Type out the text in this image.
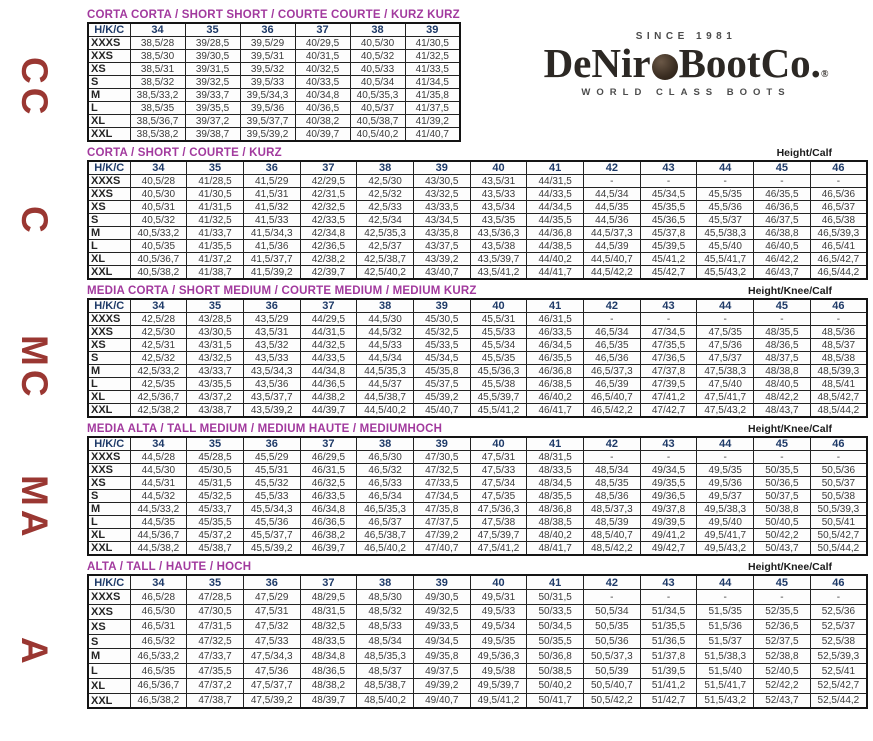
CC
C
MC
MA
A
SINCE 1981
DeNir BootCo.®
WORLD CLASS BOOTS
CORTA CORTA / SHORT SHORT / COURTE COURTE / KURZ KURZ
H/K/C	34	35	36	37	38	39
XXXS	38,5/28	39/28,5	39,5/29	40/29,5	40,5/30	41/30,5
XXS	38,5/30	39/30,5	39,5/31	40/31,5	40,5/32	41/32,5
XS	38,5/31	39/31,5	39,5/32	40/32,5	40,5/33	41/33,5
S	38,5/32	39/32,5	39,5/33	40/33,5	40,5/34	41/34,5
M	38,5/33,2	39/33,7	39,5/34,3	40/34,8	40,5/35,3	41/35,8
L	38,5/35	39/35,5	39,5/36	40/36,5	40,5/37	41/37,5
XL	38,5/36,7	39/37,2	39,5/37,7	40/38,2	40,5/38,7	41/39,2
XXL	38,5/38,2	39/38,7	39,5/39,2	40/39,7	40,5/40,2	41/40,7
CORTA / SHORT / COURTE / KURZ	Height/Calf
H/K/C	34	35	36	37	38	39	40	41	42	43	44	45	46
XXXS	40,5/28	41/28,5	41,5/29	42/29,5	42,5/30	43/30,5	43,5/31	44/31,5	-	-	-	-	-
XXS	40,5/30	41/30,5	41,5/31	42/31,5	42,5/32	43/32,5	43,5/33	44/33,5	44,5/34	45/34,5	45,5/35	46/35,5	46,5/36
XS	40,5/31	41/31,5	41,5/32	42/32,5	42,5/33	43/33,5	43,5/34	44/34,5	44,5/35	45/35,5	45,5/36	46/36,5	46,5/37
S	40,5/32	41/32,5	41,5/33	42/33,5	42,5/34	43/34,5	43,5/35	44/35,5	44,5/36	45/36,5	45,5/37	46/37,5	46,5/38
M	40,5/33,2	41/33,7	41,5/34,3	42/34,8	42,5/35,3	43/35,8	43,5/36,3	44/36,8	44,5/37,3	45/37,8	45,5/38,3	46/38,8	46,5/39,3
L	40,5/35	41/35,5	41,5/36	42/36,5	42,5/37	43/37,5	43,5/38	44/38,5	44,5/39	45/39,5	45,5/40	46/40,5	46,5/41
XL	40,5/36,7	41/37,2	41,5/37,7	42/38,2	42,5/38,7	43/39,2	43,5/39,7	44/40,2	44,5/40,7	45/41,2	45,5/41,7	46/42,2	46,5/42,7
XXL	40,5/38,2	41/38,7	41,5/39,2	42/39,7	42,5/40,2	43/40,7	43,5/41,2	44/41,7	44,5/42,2	45/42,7	45,5/43,2	46/43,7	46,5/44,2
MEDIA CORTA / SHORT MEDIUM / COURTE MEDIUM / MEDIUM KURZ	Height/Knee/Calf
H/K/C	34	35	36	37	38	39	40	41	42	43	44	45	46
XXXS	42,5/28	43/28,5	43,5/29	44/29,5	44,5/30	45/30,5	45,5/31	46/31,5	-	-	-	-	-
XXS	42,5/30	43/30,5	43,5/31	44/31,5	44,5/32	45/32,5	45,5/33	46/33,5	46,5/34	47/34,5	47,5/35	48/35,5	48,5/36
XS	42,5/31	43/31,5	43,5/32	44/32,5	44,5/33	45/33,5	45,5/34	46/34,5	46,5/35	47/35,5	47,5/36	48/36,5	48,5/37
S	42,5/32	43/32,5	43,5/33	44/33,5	44,5/34	45/34,5	45,5/35	46/35,5	46,5/36	47/36,5	47,5/37	48/37,5	48,5/38
M	42,5/33,2	43/33,7	43,5/34,3	44/34,8	44,5/35,3	45/35,8	45,5/36,3	46/36,8	46,5/37,3	47/37,8	47,5/38,3	48/38,8	48,5/39,3
L	42,5/35	43/35,5	43,5/36	44/36,5	44,5/37	45/37,5	45,5/38	46/38,5	46,5/39	47/39,5	47,5/40	48/40,5	48,5/41
XL	42,5/36,7	43/37,2	43,5/37,7	44/38,2	44,5/38,7	45/39,2	45,5/39,7	46/40,2	46,5/40,7	47/41,2	47,5/41,7	48/42,2	48,5/42,7
XXL	42,5/38,2	43/38,7	43,5/39,2	44/39,7	44,5/40,2	45/40,7	45,5/41,2	46/41,7	46,5/42,2	47/42,7	47,5/43,2	48/43,7	48,5/44,2
MEDIA ALTA / TALL MEDIUM / MEDIUM HAUTE / MEDIUMHOCH	Height/Knee/Calf
H/K/C	34	35	36	37	38	39	40	41	42	43	44	45	46
XXXS	44,5/28	45/28,5	45,5/29	46/29,5	46,5/30	47/30,5	47,5/31	48/31,5	-	-	-	-	-
XXS	44,5/30	45/30,5	45,5/31	46/31,5	46,5/32	47/32,5	47,5/33	48/33,5	48,5/34	49/34,5	49,5/35	50/35,5	50,5/36
XS	44,5/31	45/31,5	45,5/32	46/32,5	46,5/33	47/33,5	47,5/34	48/34,5	48,5/35	49/35,5	49,5/36	50/36,5	50,5/37
S	44,5/32	45/32,5	45,5/33	46/33,5	46,5/34	47/34,5	47,5/35	48/35,5	48,5/36	49/36,5	49,5/37	50/37,5	50,5/38
M	44,5/33,2	45/33,7	45,5/34,3	46/34,8	46,5/35,3	47/35,8	47,5/36,3	48/36,8	48,5/37,3	49/37,8	49,5/38,3	50/38,8	50,5/39,3
L	44,5/35	45/35,5	45,5/36	46/36,5	46,5/37	47/37,5	47,5/38	48/38,5	48,5/39	49/39,5	49,5/40	50/40,5	50,5/41
XL	44,5/36,7	45/37,2	45,5/37,7	46/38,2	46,5/38,7	47/39,2	47,5/39,7	48/40,2	48,5/40,7	49/41,2	49,5/41,7	50/42,2	50,5/42,7
XXL	44,5/38,2	45/38,7	45,5/39,2	46/39,7	46,5/40,2	47/40,7	47,5/41,2	48/41,7	48,5/42,2	49/42,7	49,5/43,2	50/43,7	50,5/44,2
ALTA / TALL / HAUTE / HOCH	Height/Knee/Calf
H/K/C	34	35	36	37	38	39	40	41	42	43	44	45	46
XXXS	46,5/28	47/28,5	47,5/29	48/29,5	48,5/30	49/30,5	49,5/31	50/31,5	-	-	-	-	-
XXS	46,5/30	47/30,5	47,5/31	48/31,5	48,5/32	49/32,5	49,5/33	50/33,5	50,5/34	51/34,5	51,5/35	52/35,5	52,5/36
XS	46,5/31	47/31,5	47,5/32	48/32,5	48,5/33	49/33,5	49,5/34	50/34,5	50,5/35	51/35,5	51,5/36	52/36,5	52,5/37
S	46,5/32	47/32,5	47,5/33	48/33,5	48,5/34	49/34,5	49,5/35	50/35,5	50,5/36	51/36,5	51,5/37	52/37,5	52,5/38
M	46,5/33,2	47/33,7	47,5/34,3	48/34,8	48,5/35,3	49/35,8	49,5/36,3	50/36,8	50,5/37,3	51/37,8	51,5/38,3	52/38,8	52,5/39,3
L	46,5/35	47/35,5	47,5/36	48/36,5	48,5/37	49/37,5	49,5/38	50/38,5	50,5/39	51/39,5	51,5/40	52/40,5	52,5/41
XL	46,5/36,7	47/37,2	47,5/37,7	48/38,2	48,5/38,7	49/39,2	49,5/39,7	50/40,2	50,5/40,7	51/41,2	51,5/41,7	52/42,2	52,5/42,7
XXL	46,5/38,2	47/38,7	47,5/39,2	48/39,7	48,5/40,2	49/40,7	49,5/41,2	50/41,7	50,5/42,2	51/42,7	51,5/43,2	52/43,7	52,5/44,2
